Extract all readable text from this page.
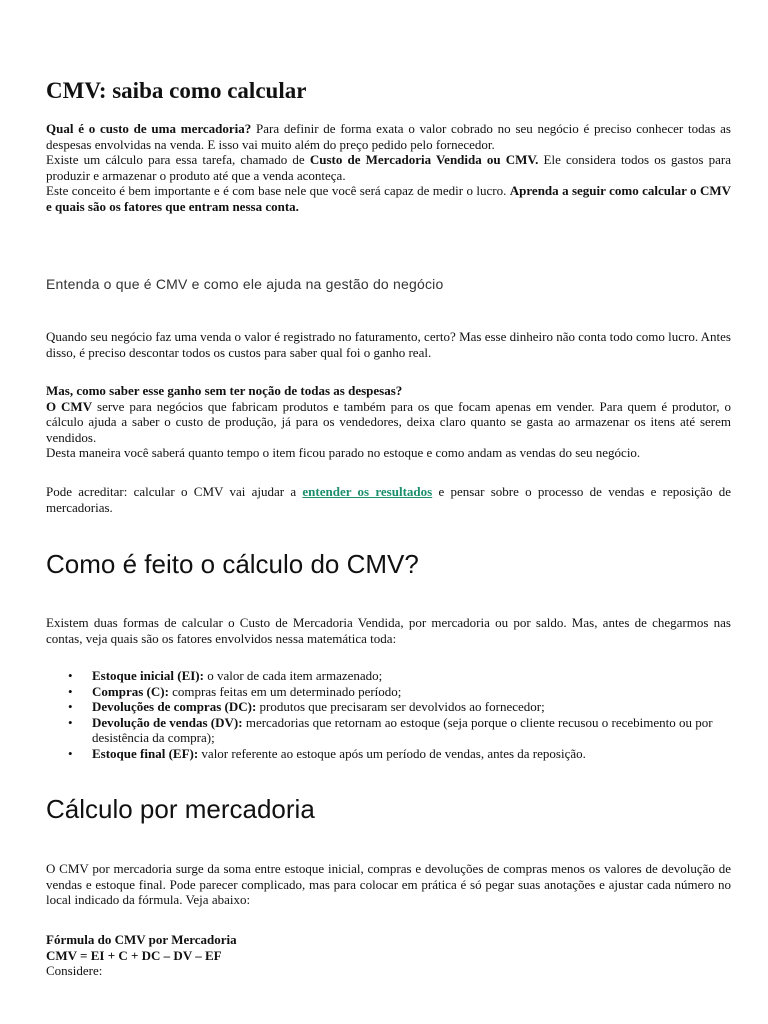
CMV: saiba como calcular

Qual é o custo de uma mercadoria? Para definir de forma exata o valor cobrado no seu negócio é preciso conhecer todas as despesas envolvidas na venda. E isso vai muito além do preço pedido pelo fornecedor.
Existe um cálculo para essa tarefa, chamado de Custo de Mercadoria Vendida ou CMV. Ele considera todos os gastos para produzir e armazenar o produto até que a venda aconteça.
Este conceito é bem importante e é com base nele que você será capaz de medir o lucro. Aprenda a seguir como calcular o CMV e quais são os fatores que entram nessa conta.

Entenda o que é CMV e como ele ajuda na gestão do negócio

Quando seu negócio faz uma venda o valor é registrado no faturamento, certo? Mas esse dinheiro não conta todo como lucro. Antes disso, é preciso descontar todos os custos para saber qual foi o ganho real.

Mas, como saber esse ganho sem ter noção de todas as despesas?
O CMV serve para negócios que fabricam produtos e também para os que focam apenas em vender. Para quem é produtor, o cálculo ajuda a saber o custo de produção, já para os vendedores, deixa claro quanto se gasta ao armazenar os itens até serem vendidos.
Desta maneira você saberá quanto tempo o item ficou parado no estoque e como andam as vendas do seu negócio.

Pode acreditar: calcular o CMV vai ajudar a entender os resultados e pensar sobre o processo de vendas e reposição de mercadorias.

Como é feito o cálculo do CMV?

Existem duas formas de calcular o Custo de Mercadoria Vendida, por mercadoria ou por saldo. Mas, antes de chegarmos nas contas, veja quais são os fatores envolvidos nessa matemática toda:

• Estoque inicial (EI): o valor de cada item armazenado;
• Compras (C): compras feitas em um determinado período;
• Devoluções de compras (DC): produtos que precisaram ser devolvidos ao fornecedor;
• Devolução de vendas (DV): mercadorias que retornam ao estoque (seja porque o cliente recusou o recebimento ou por desistência da compra);
• Estoque final (EF): valor referente ao estoque após um período de vendas, antes da reposição.
Cálculo por mercadoria

O CMV por mercadoria surge da soma entre estoque inicial, compras e devoluções de compras menos os valores de devolução de vendas e estoque final. Pode parecer complicado, mas para colocar em prática é só pegar suas anotações e ajustar cada número no local indicado da fórmula. Veja abaixo:

Fórmula do CMV por Mercadoria
CMV = EI + C + DC – DV – EF
Considere:
